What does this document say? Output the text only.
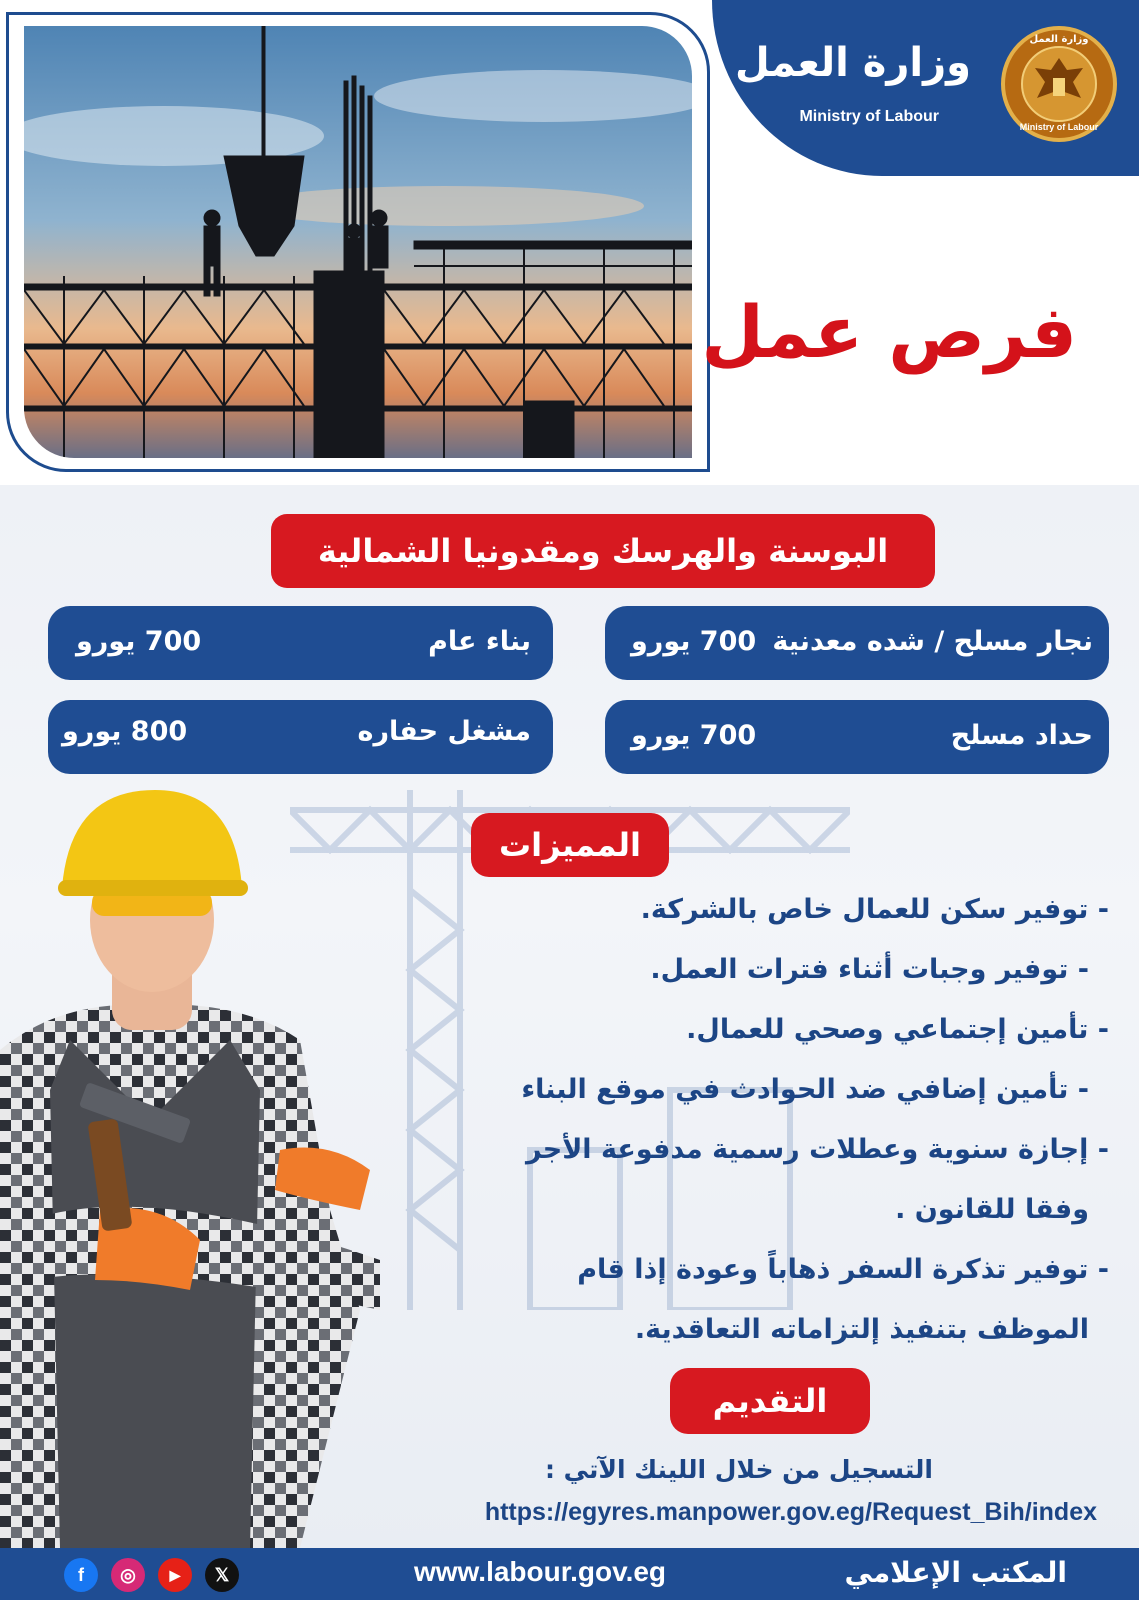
وزارة العمل
Ministry of Labour
وزارة العمل
Ministry of Labour
فرص عمل
البوسنة والهرسك ومقدونيا الشمالية
نجار مسلح / شده معدنية
700 يورو
بناء عام
700 يورو
حداد مسلح
700 يورو
مشغل حفاره
800 يورو
المميزات
- توفير سكن للعمال خاص بالشركة.
- توفير وجبات أثناء فترات العمل.
- تأمين إجتماعي وصحي للعمال.
- تأمين إضافي ضد الحوادث في موقع البناء
- إجازة سنوية وعطلات رسمية مدفوعة الأجر
وفقا للقانون .
- توفير تذكرة السفر ذهاباً وعودة إذا قام
الموظف بتنفيذ إلتزاماته التعاقدية.
التقديم
التسجيل من خلال اللينك الآتي :
https://egyres.manpower.gov.eg/Request_Bih/index
المكتب الإعلامي
www.labour.gov.eg
f	◎	▶	𝕏
